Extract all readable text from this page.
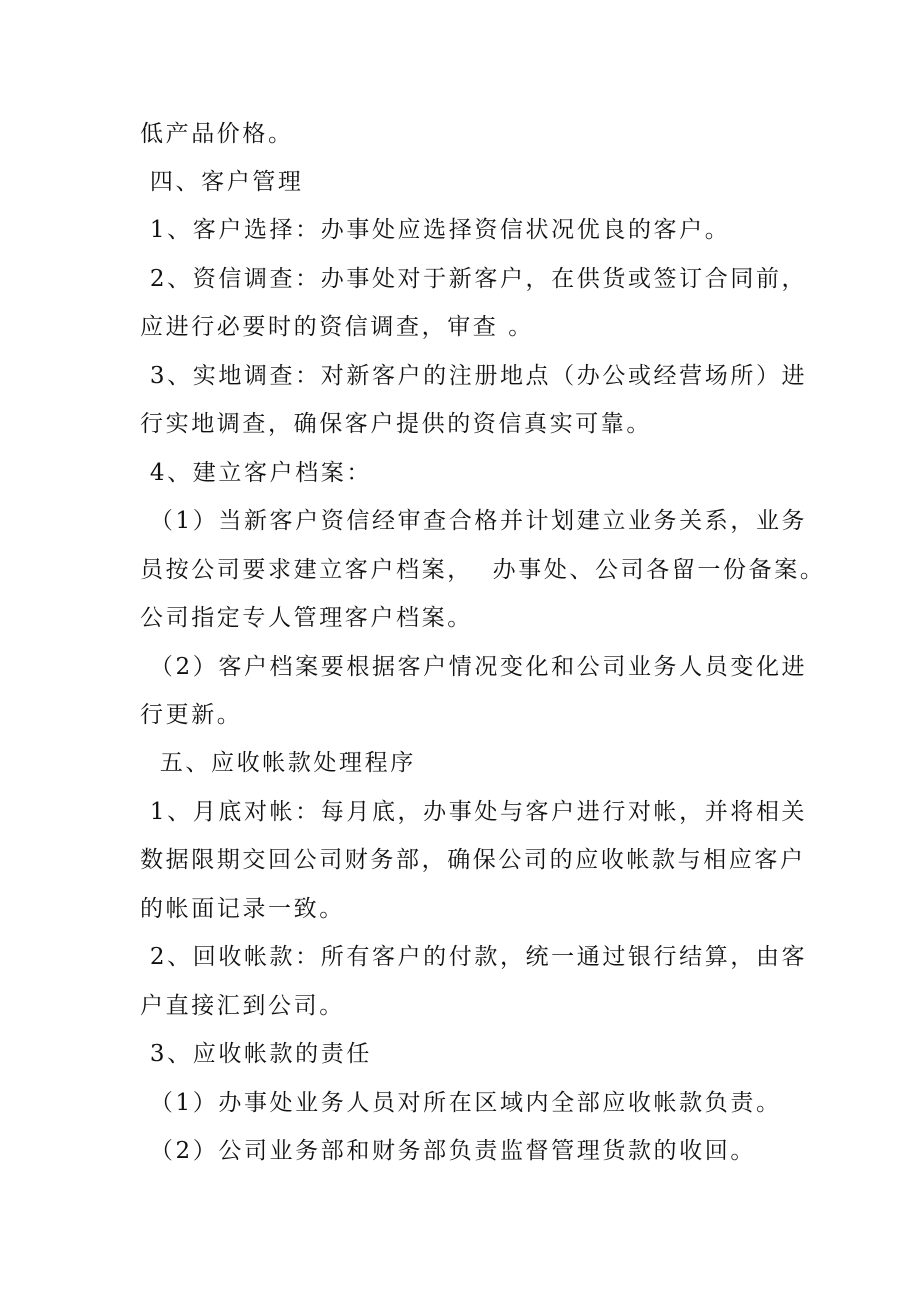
低产品价格。
四、客户管理
1、客户选择：办事处应选择资信状况优良的客户。
2、资信调查：办事处对于新客户，在供货或签订合同前，
应进行必要时的资信调查，审查 。
3、实地调查：对新客户的注册地点（办公或经营场所）进
行实地调查，确保客户提供的资信真实可靠。
4、建立客户档案：
（1）当新客户资信经审查合格并计划建立业务关系，业务
员按公司要求建立客户档案，  办事处、公司各留一份备案。
公司指定专人管理客户档案。
（2）客户档案要根据客户情况变化和公司业务人员变化进
行更新。
五、应收帐款处理程序
1、月底对帐：每月底，办事处与客户进行对帐，并将相关
数据限期交回公司财务部，确保公司的应收帐款与相应客户
的帐面记录一致。
2、回收帐款：所有客户的付款，统一通过银行结算，由客
户直接汇到公司。
3、应收帐款的责任
（1）办事处业务人员对所在区域内全部应收帐款负责。
（2）公司业务部和财务部负责监督管理货款的收回。
